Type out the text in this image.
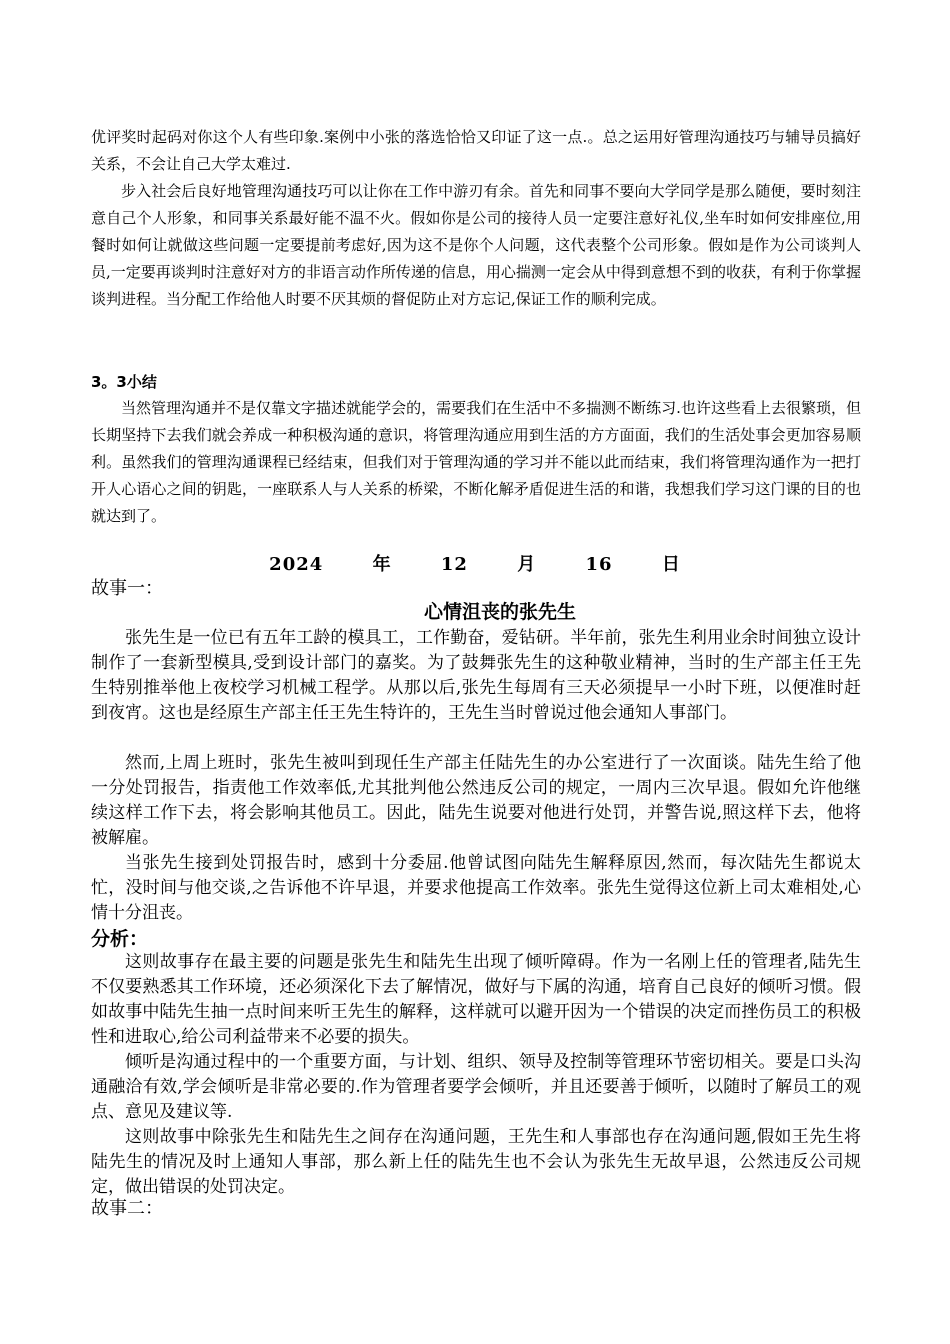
优评奖时起码对你这个人有些印象.案例中小张的落选恰恰又印证了这一点.。总之运用好管理沟通技巧与辅导员搞好关系，不会让自己大学太难过.

步入社会后良好地管理沟通技巧可以让你在工作中游刃有余。首先和同事不要向大学同学是那么随便，要时刻注意自己个人形象，和同事关系最好能不温不火。假如你是公司的接待人员一定要注意好礼仪,坐车时如何安排座位,用餐时如何让就做这些问题一定要提前考虑好,因为这不是你个人问题，这代表整个公司形象。假如是作为公司谈判人员,一定要再谈判时注意好对方的非语言动作所传递的信息，用心揣测一定会从中得到意想不到的收获，有利于你掌握谈判进程。当分配工作给他人时要不厌其烦的督促防止对方忘记,保证工作的顺利完成。

3。3小结

当然管理沟通并不是仅靠文字描述就能学会的，需要我们在生活中不多揣测不断练习.也许这些看上去很繁琐，但长期坚持下去我们就会养成一种积极沟通的意识，将管理沟通应用到生活的方方面面，我们的生活处事会更加容易顺利。虽然我们的管理沟通课程已经结束，但我们对于管理沟通的学习并不能以此而结束，我们将管理沟通作为一把打开人心语心之间的钥匙，一座联系人与人关系的桥梁，不断化解矛盾促进生活的和谐，我想我们学习这门课的目的也就达到了。

2024	年	12	月	16	日

故事一：

心情沮丧的张先生

张先生是一位已有五年工龄的模具工，工作勤奋，爱钻研。半年前，张先生利用业余时间独立设计制作了一套新型模具,受到设计部门的嘉奖。为了鼓舞张先生的这种敬业精神，当时的生产部主任王先生特别推举他上夜校学习机械工程学。从那以后,张先生每周有三天必须提早一小时下班，以便准时赶到夜宵。这也是经原生产部主任王先生特许的，王先生当时曾说过他会通知人事部门。

然而,上周上班时，张先生被叫到现任生产部主任陆先生的办公室进行了一次面谈。陆先生给了他一分处罚报告，指责他工作效率低,尤其批判他公然违反公司的规定，一周内三次早退。假如允许他继续这样工作下去，将会影响其他员工。因此，陆先生说要对他进行处罚，并警告说,照这样下去，他将被解雇。

当张先生接到处罚报告时，感到十分委屈.他曾试图向陆先生解释原因,然而，每次陆先生都说太忙，没时间与他交谈,之告诉他不许早退，并要求他提高工作效率。张先生觉得这位新上司太难相处,心情十分沮丧。

分析：

这则故事存在最主要的问题是张先生和陆先生出现了倾听障碍。作为一名刚上任的管理者,陆先生不仅要熟悉其工作环境，还必须深化下去了解情况，做好与下属的沟通，培育自己良好的倾听习惯。假如故事中陆先生抽一点时间来听王先生的解释，这样就可以避开因为一个错误的决定而挫伤员工的积极性和进取心,给公司利益带来不必要的损失。

倾听是沟通过程中的一个重要方面，与计划、组织、领导及控制等管理环节密切相关。要是口头沟通融洽有效,学会倾听是非常必要的.作为管理者要学会倾听，并且还要善于倾听，以随时了解员工的观点、意见及建议等.

这则故事中除张先生和陆先生之间存在沟通问题，王先生和人事部也存在沟通问题,假如王先生将陆先生的情况及时上通知人事部，那么新上任的陆先生也不会认为张先生无故早退，公然违反公司规定，做出错误的处罚决定。

故事二：
